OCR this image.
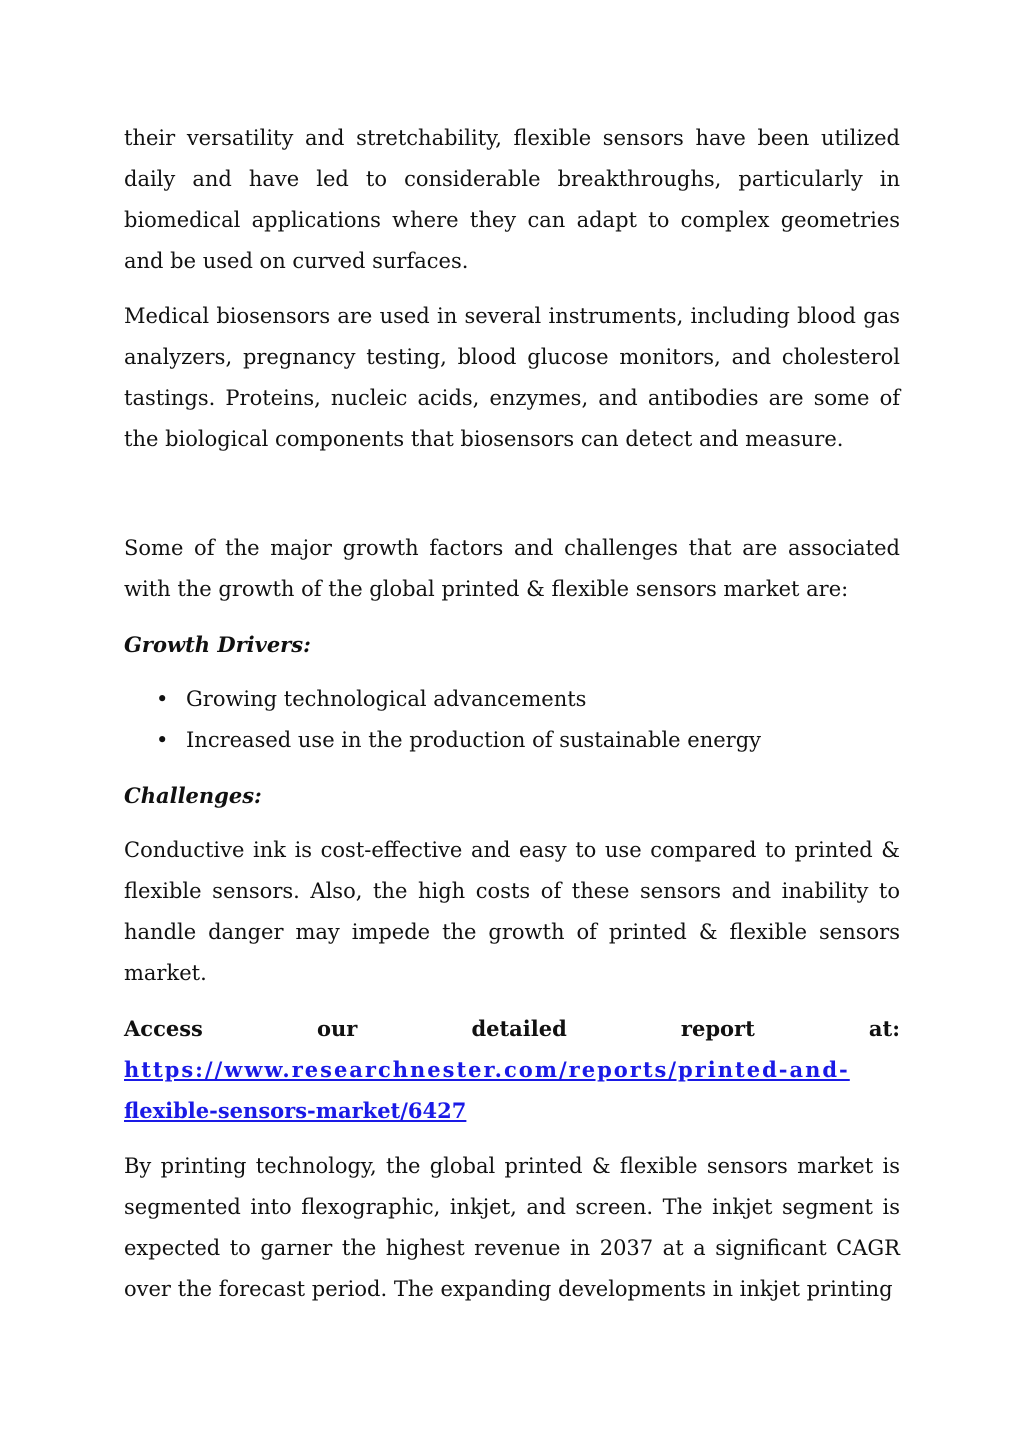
their versatility and stretchability, flexible sensors have been utilized daily and have led to considerable breakthroughs, particularly in biomedical applications where they can adapt to complex geometries and be used on curved surfaces.

Medical biosensors are used in several instruments, including blood gas analyzers, pregnancy testing, blood glucose monitors, and cholesterol tastings. Proteins, nucleic acids, enzymes, and antibodies are some of the biological components that biosensors can detect and measure.

Some of the major growth factors and challenges that are associated with the growth of the global printed & flexible sensors market are:

Growth Drivers:
• Growing technological advancements
• Increased use in the production of sustainable energy
Challenges:

Conductive ink is cost-effective and easy to use compared to printed & flexible sensors. Also, the high costs of these sensors and inability to handle danger may impede the growth of printed & flexible sensors market.

Access	our	detailed	report	at:
https://www.researchnester.com/reports/printed-and-
flexible-sensors-market/6427

By printing technology, the global printed & flexible sensors market is segmented into flexographic, inkjet, and screen. The inkjet segment is expected to garner the highest revenue in 2037 at a significant CAGR over the forecast period. The expanding developments in inkjet printing
